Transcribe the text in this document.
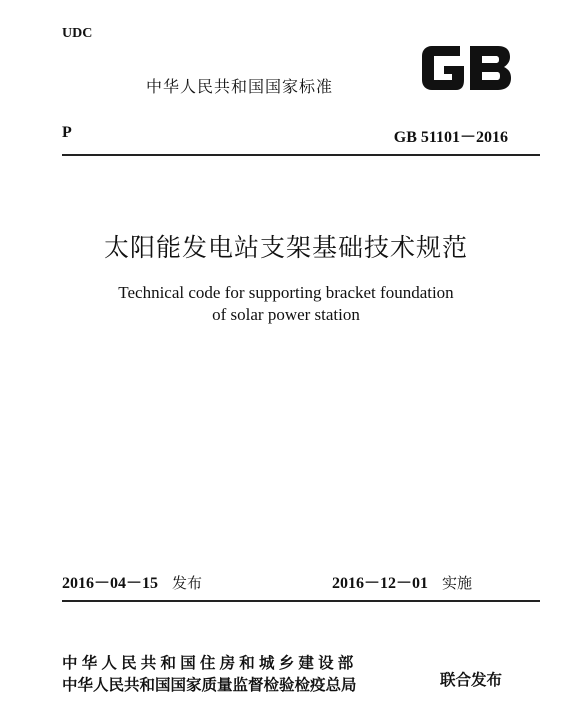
UDC
中华人民共和国国家标准
P	GB 51101－2016
太阳能发电站支架基础技术规范
Technical code for supporting bracket foundation
of solar power station
2016－04－15 发布	2016－12－01 实施
中华人民共和国住房和城乡建设部
中华人民共和国国家质量监督检验检疫总局	联合发布
